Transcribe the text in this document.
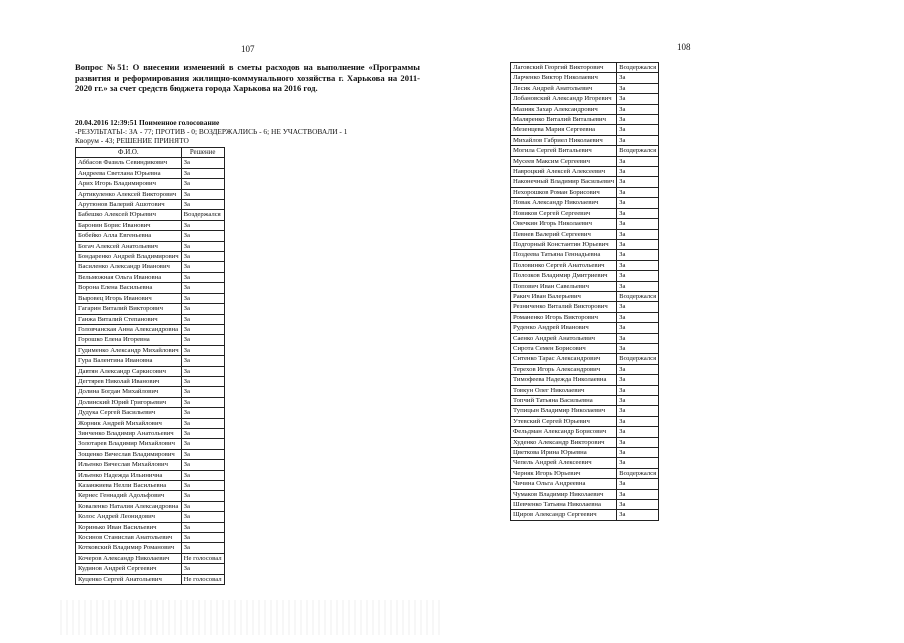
107
Вопрос №51: О внесении изменений в сметы расходов на выполнение «Программы развития и реформирования жилищно-коммунального хозяйства г. Харькова на 2011-2020 гг.» за счет средств бюджета города Харькова на 2016 год.
20.04.2016 12:39:51 Поименное голосование
-РЕЗУЛЬТАТЫ-: ЗА - 77; ПРОТИВ - 0; ВОЗДЕРЖАЛИСЬ - 6; НЕ УЧАСТВОВАЛИ - 1
Кворум - 43; РЕШЕНИЕ ПРИНЯТО
Ф.И.О.	Решение
Аббасов Фазиль Севиндикович	За
Андреева Светлана Юрьевна	За
Арих Игорь Владимирович	За
Артикуленко Алексей Викторович	За
Арутюнов Валерий Ашотович	За
Бабешко Алексей Юрьевич	Воздержался
Баронин Борис Иванович	За
Бобейко Алла Евгеньевна	За
Богач Алексей Анатольевич	За
Бондаренко Андрей Владимирович	За
Василенко Александр Иванович	За
Вельможная Ольга Ивановна	За
Ворона Елена Васильевна	За
Выровец Игорь Иванович	За
Гагарин Виталий Викторович	За
Ганжа Виталий Степанович	За
Головчанская Анна Александровна	За
Горошко Елена Игоревна	За
Гудименко Александр Михайлович	За
Гура Валентина Ивановна	За
Давтян Александр Саркисович	За
Дегтярев Николай Иванович	За
Долина Богдан Михайлович	За
Долинский Юрий Григорьевич	За
Дудука Сергей Васильевич	За
Жорник Андрей Михайлович	За
Зинченко Владимир Анатольевич	За
Золотарев Владимир Михайлович	За
Зощенко Вячеслав Владимирович	За
Ильенко Вячеслав Михайлович	За
Ильенко Надежда Ильинична	За
Казанжиева Нелли Васильевна	За
Кернес Геннадий Адольфович	За
Коваленко Наталия Александровна	За
Колос Андрей Леонидович	За
Коринько Иван Васильевич	За
Косинов Станислав Анатольевич	За
Котковский Владимир Романович	За
Кочеров Александр Николаевич	Не голосовал
Кудинов Андрей Сергеевич	За
Куценко Сергей Анатольевич	Не голосовал
108
Лаговский Георгий Викторович	Воздержался
Ларченко Виктор Николаевич	За
Лесик Андрей Анатольевич	За
Лобановский Александр Игоревич	За
Мазняк Захар Александрович	За
Маляренко Виталий Витальевич	За
Мезенцева Мария Сергеевна	За
Михайлов Габриел Николаевич	За
Могила Сергей Витальевич	Воздержался
Мусеев Максим Сергеевич	За
Навроцкий Алексей Алексеевич	За
Наконечный Владимир Васильевич	За
Нехорошков Роман Борисович	За
Новак Александр Николаевич	За
Новиков Сергей Сергеевич	За
Овечкин Игорь Николаевич	За
Певнев Валерий Сергеевич	За
Подгорный Константин Юрьевич	За
Поздеева Татьяна Геннадьевна	За
Половинко Сергей Анатольевич	За
Полозков Владимир Дмитриевич	За
Попович Иван Савельевич	За
Ракич Иван Валерьевич	Воздержался
Резниченко Виталий Викторович	За
Романенко Игорь Викторович	За
Руденко Андрей Иванович	За
Саенко Андрей Анатольевич	За
Сирота Семен Борисович	За
Ситенко Тарас Александрович	Воздержался
Терехов Игорь Александрович	За
Тимофеева Надежда Николаевна	За
Товкун Олег Николаевич	За
Топчий Татьяна Васильевна	За
Тупицын Владимир Николаевич	За
Утевский Сергей Юрьевич	За
Фельдман Александр Борисович	За
Худенко Александр Викторович	За
Цветкова Ирина Юрьевна	За
Чепель Андрей Алексеевич	За
Черняк Игорь Юрьевич	Воздержался
Чичина Ольга Андреевна	За
Чумаков Владимир Николаевич	За
Шевченко Татьяна Николаевна	За
Щиров Александр Сергеевич	За
